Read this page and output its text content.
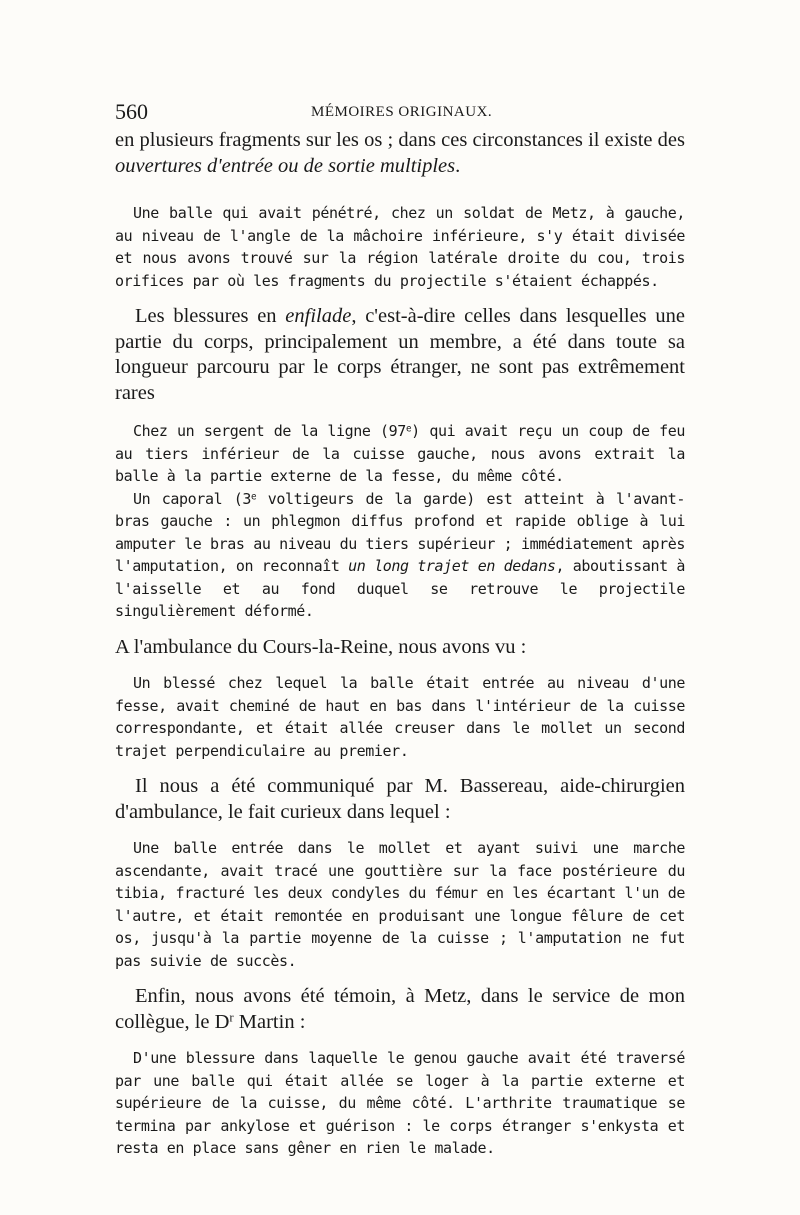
560	MÉMOIRES ORIGINAUX.

en plusieurs fragments sur les os ; dans ces circonstances il existe des ouvertures d'entrée ou de sortie multiples.

Une balle qui avait pénétré, chez un soldat de Metz, à gauche, au niveau de l'angle de la mâchoire inférieure, s'y était divisée et nous avons trouvé sur la région latérale droite du cou, trois orifices par où les fragments du projectile s'étaient échappés.

Les blessures en enfilade, c'est-à-dire celles dans lesquelles une partie du corps, principalement un membre, a été dans toute sa longueur parcouru par le corps étranger, ne sont pas extrêmement rares

Chez un sergent de la ligne (97e) qui avait reçu un coup de feu au tiers inférieur de la cuisse gauche, nous avons extrait la balle à la partie externe de la fesse, du même côté.

Un caporal (3e voltigeurs de la garde) est atteint à l'avant-bras gauche : un phlegmon diffus profond et rapide oblige à lui amputer le bras au niveau du tiers supérieur ; immédiatement après l'amputation, on reconnaît un long trajet en dedans, aboutissant à l'aisselle et au fond duquel se retrouve le projectile singulièrement déformé.

A l'ambulance du Cours-la-Reine, nous avons vu :

Un blessé chez lequel la balle était entrée au niveau d'une fesse, avait cheminé de haut en bas dans l'intérieur de la cuisse correspondante, et était allée creuser dans le mollet un second trajet perpendiculaire au premier.

Il nous a été communiqué par M. Bassereau, aide-chirurgien d'ambulance, le fait curieux dans lequel :

Une balle entrée dans le mollet et ayant suivi une marche ascendante, avait tracé une gouttière sur la face postérieure du tibia, fracturé les deux condyles du fémur en les écartant l'un de l'autre, et était remontée en produisant une longue fêlure de cet os, jusqu'à la partie moyenne de la cuisse ; l'amputation ne fut pas suivie de succès.

Enfin, nous avons été témoin, à Metz, dans le service de mon collègue, le $D^r$ Martin :

D'une blessure dans laquelle le genou gauche avait été traversé par une balle qui était allée se loger à la partie externe et supérieure de la cuisse, du même côté. L'arthrite traumatique se termina par ankylose et guérison : le corps étranger s'enkysta et resta en place sans gêner en rien le malade.
